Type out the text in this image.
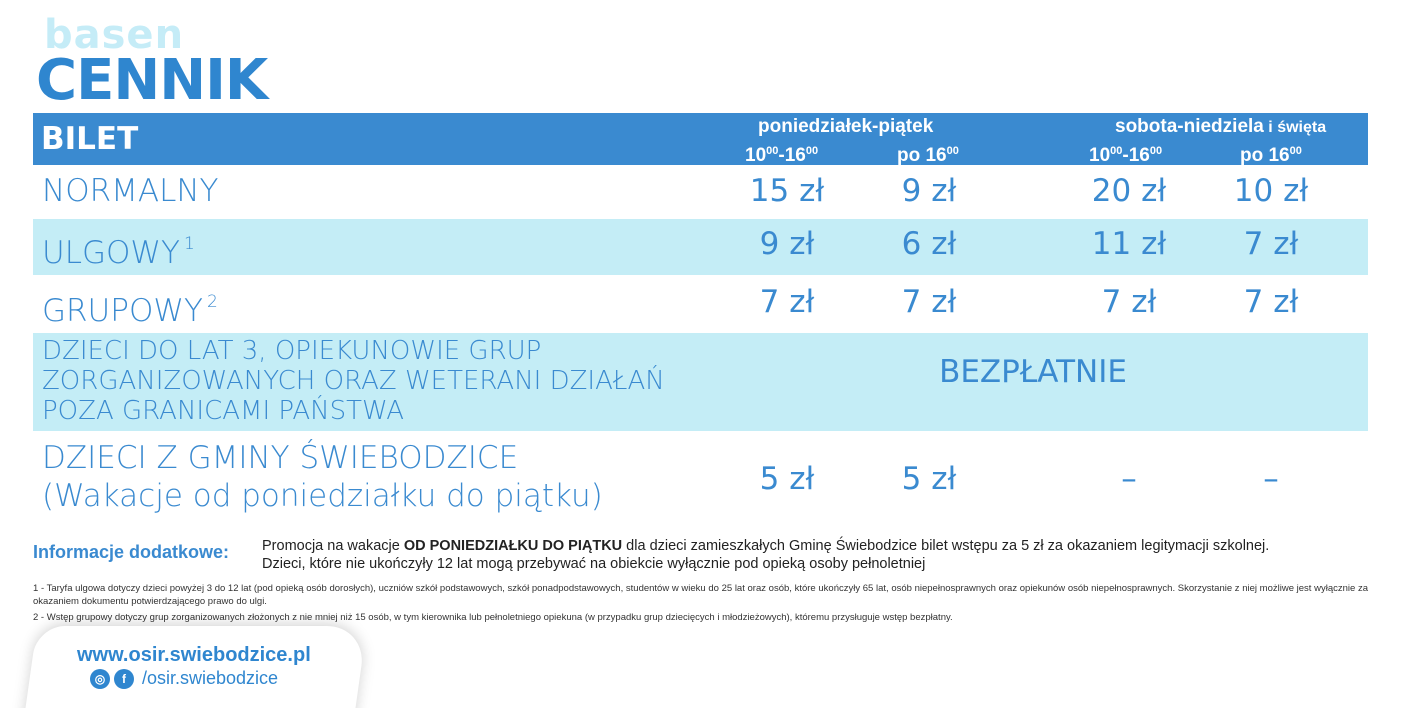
basen
CENNIK
BILET	poniedziałek-piątek	sobota-niedziela i święta
$10^{00}-16^{00}$	po $16^{00}$	$10^{00}-16^{00}$	po $16^{00}$
NORMALNY	15 zł	9 zł	20 zł	10 zł
ULGOWY $^1$	9 zł	6 zł	11 zł	7 zł
GRUPOWY $^2$	7 zł	7 zł	7 zł	7 zł
DZIECI DO LAT 3, OPIEKUNOWIE GRUP
ZORGANIZOWANYCH ORAZ WETERANI DZIAŁAŃ
POZA GRANICAMI PAŃSTWA
BEZPŁATNIE
DZIECI Z GMINY ŚWIEBODZICE
(Wakacje od poniedziałku do piątku)	5 zł	5 zł	–	–
Informacje dodatkowe: Promocja na wakacje OD PONIEDZIAŁKU DO PIĄTKU dla dzieci zamieszkałych Gminę Świebodzice bilet wstępu za 5 zł za okazaniem legitymacji szkolnej.
Dzieci, które nie ukończyły 12 lat mogą przebywać na obiekcie wyłącznie pod opieką osoby pełnoletniej
1 - Taryfa ulgowa dotyczy dzieci powyżej 3 do 12 lat (pod opieką osób dorosłych), uczniów szkół podstawowych, szkół ponadpodstawowych, studentów w wieku do 25 lat oraz osób, które ukończyły 65 lat, osób niepełnosprawnych oraz opiekunów osób niepełnosprawnych. Skorzystanie z niej możliwe jest wyłącznie za okazaniem dokumentu potwierdzającego prawo do ulgi.
2 - Wstęp grupowy dotyczy grup zorganizowanych złożonych z nie mniej niż 15 osób, w tym kierownika lub pełnoletniego opiekuna (w przypadku grup dziecięcych i młodzieżowych), któremu przysługuje wstęp bezpłatny.
www.osir.swiebodzice.pl
◎	f /osir.swiebodzice
